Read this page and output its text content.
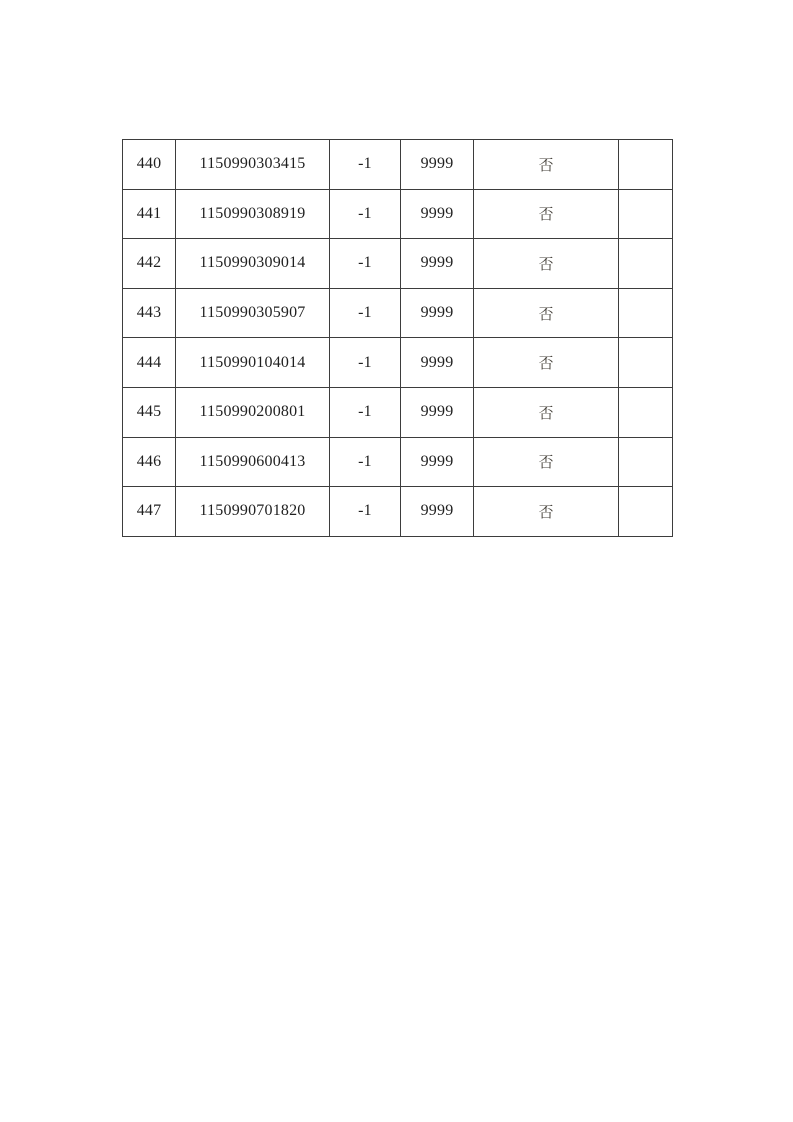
440	1150990303415	-1	9999	否	
441	1150990308919	-1	9999	否	
442	1150990309014	-1	9999	否	
443	1150990305907	-1	9999	否	
444	1150990104014	-1	9999	否	
445	1150990200801	-1	9999	否	
446	1150990600413	-1	9999	否	
447	1150990701820	-1	9999	否	
